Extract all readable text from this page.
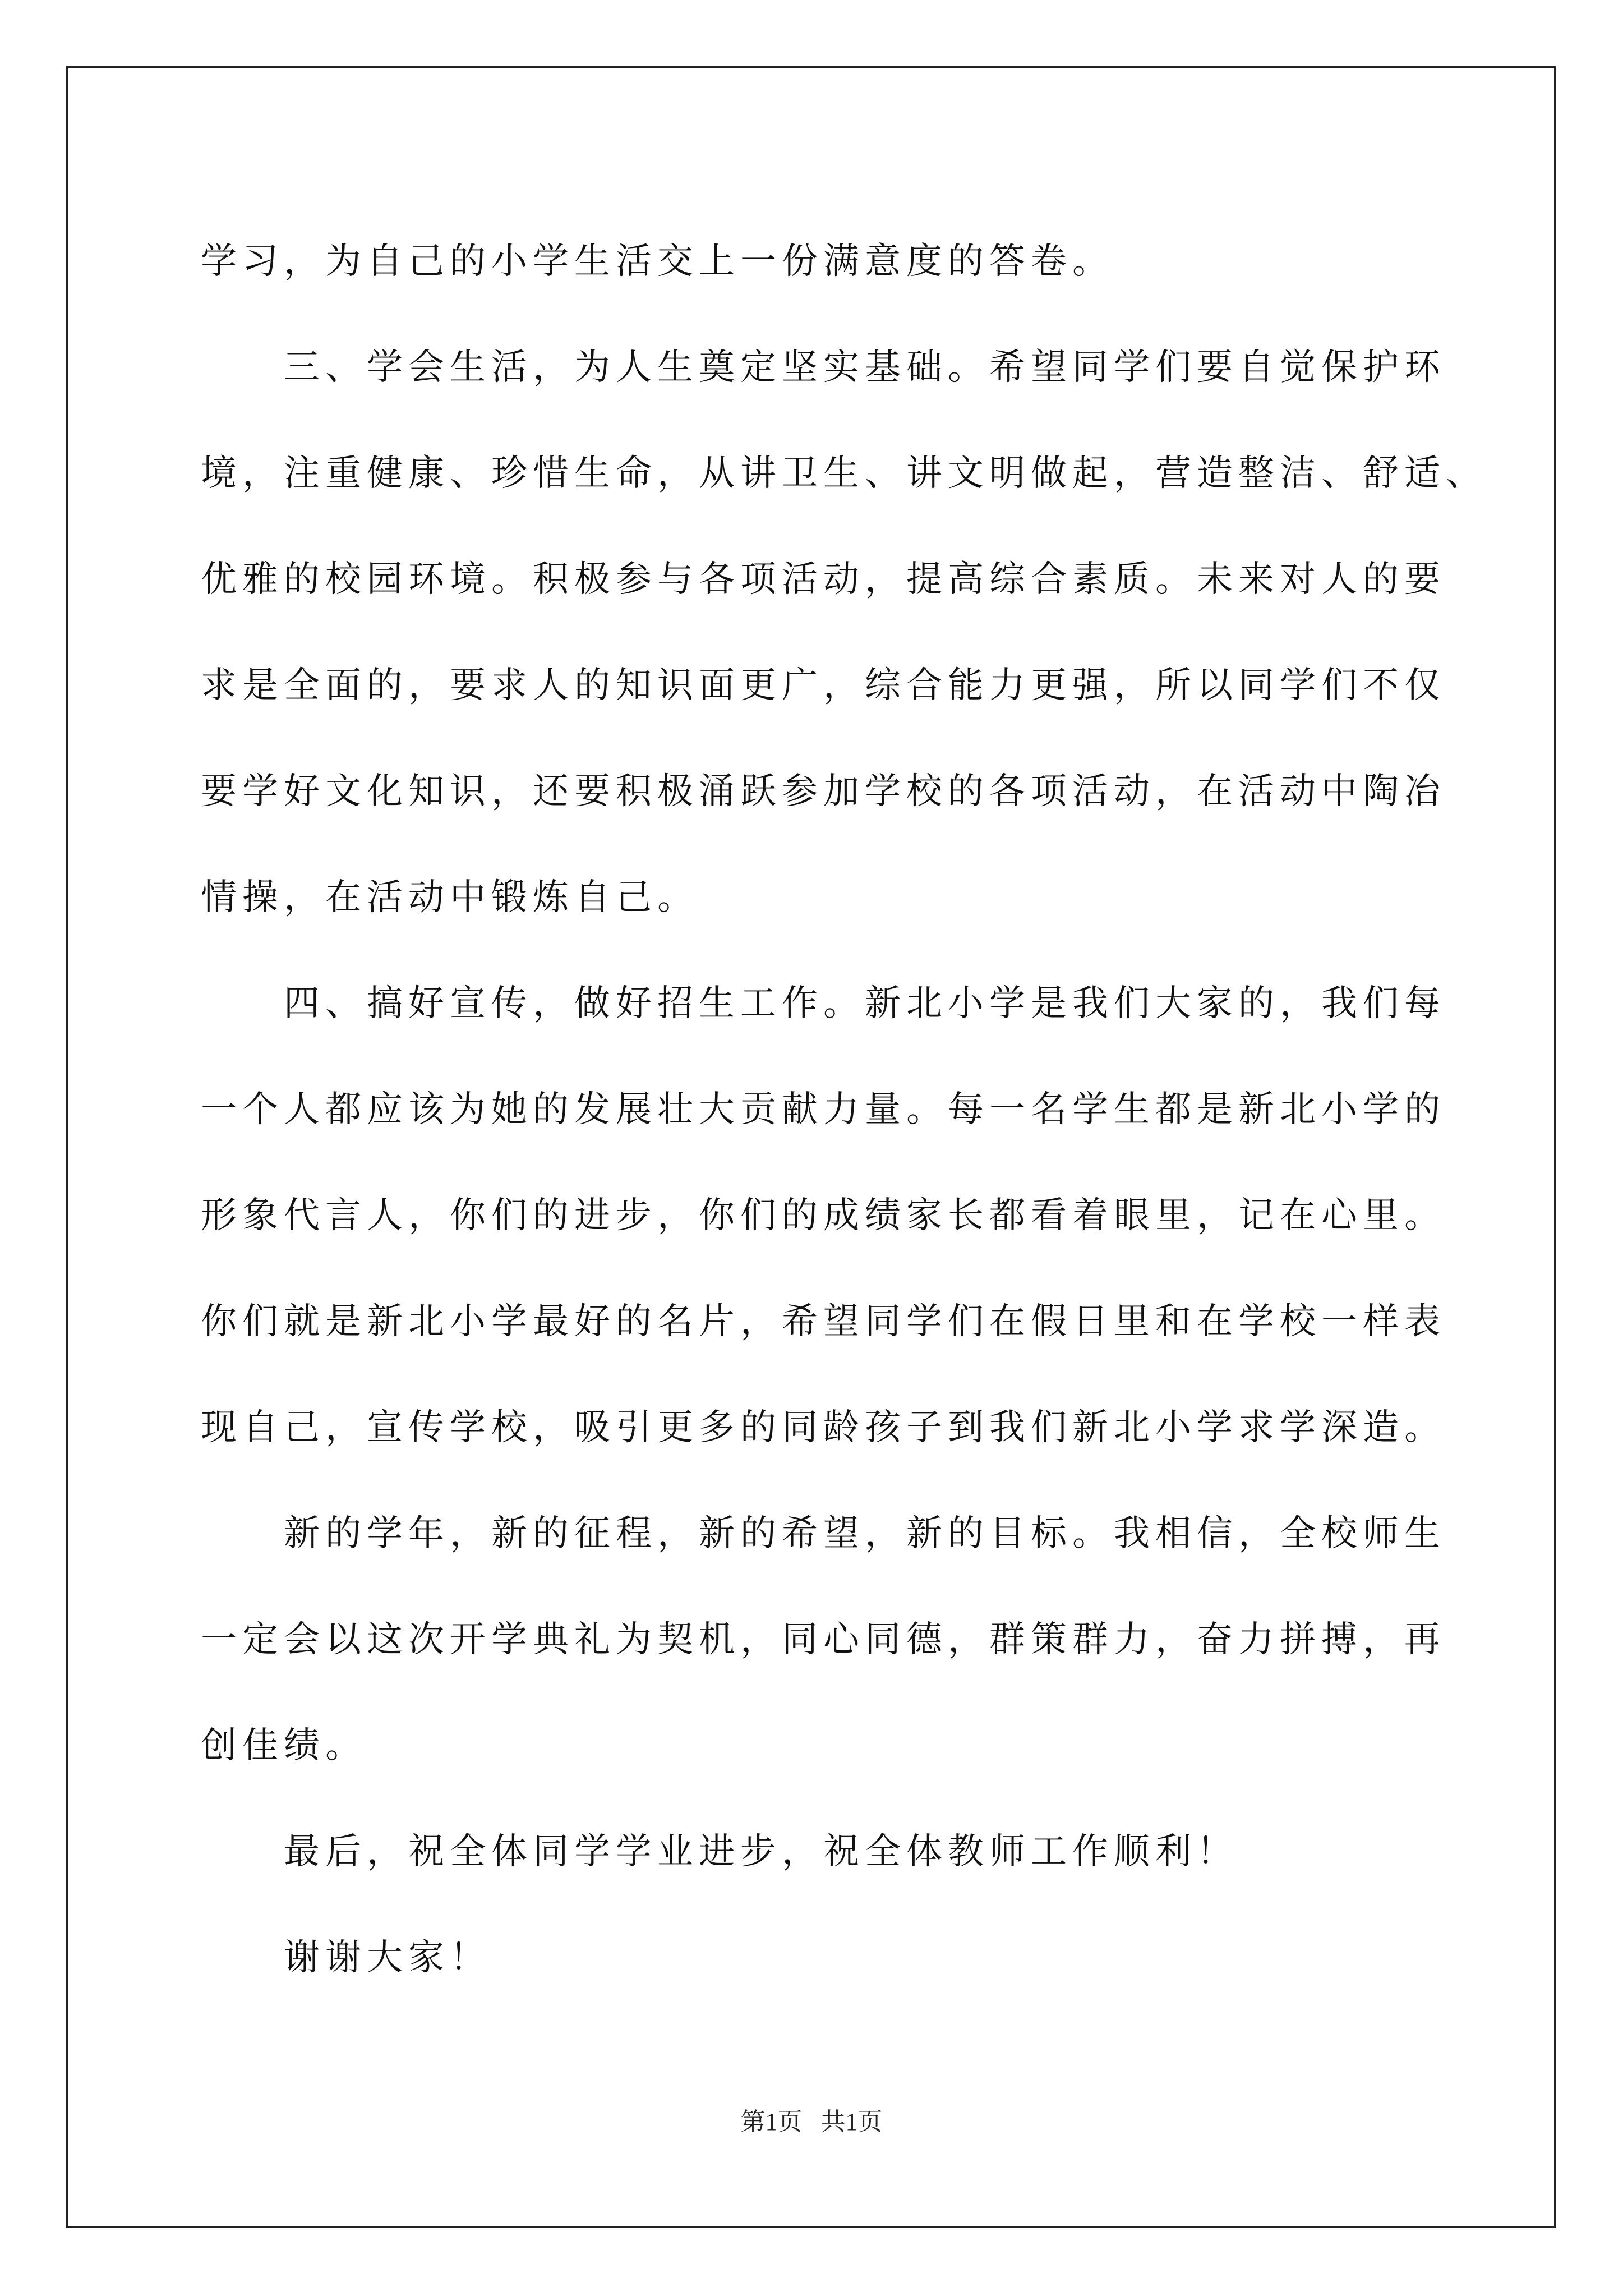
学习，为自己的小学生活交上一份满意度的答卷。
三、学会生活，为人生奠定坚实基础。希望同学们要自觉保护环
境，注重健康、珍惜生命，从讲卫生、讲文明做起，营造整洁、舒适、
优雅的校园环境。积极参与各项活动，提高综合素质。未来对人的要
求是全面的，要求人的知识面更广，综合能力更强，所以同学们不仅
要学好文化知识，还要积极涌跃参加学校的各项活动，在活动中陶冶
情操，在活动中锻炼自己。
四、搞好宣传，做好招生工作。新北小学是我们大家的，我们每
一个人都应该为她的发展壮大贡献力量。每一名学生都是新北小学的
形象代言人，你们的进步，你们的成绩家长都看着眼里，记在心里。
你们就是新北小学最好的名片，希望同学们在假日里和在学校一样表
现自己，宣传学校，吸引更多的同龄孩子到我们新北小学求学深造。
新的学年，新的征程，新的希望，新的目标。我相信，全校师生
一定会以这次开学典礼为契机，同心同德，群策群力，奋力拼搏，再
创佳绩。
最后，祝全体同学学业进步，祝全体教师工作顺利！
谢谢大家！
第1页   共1页
